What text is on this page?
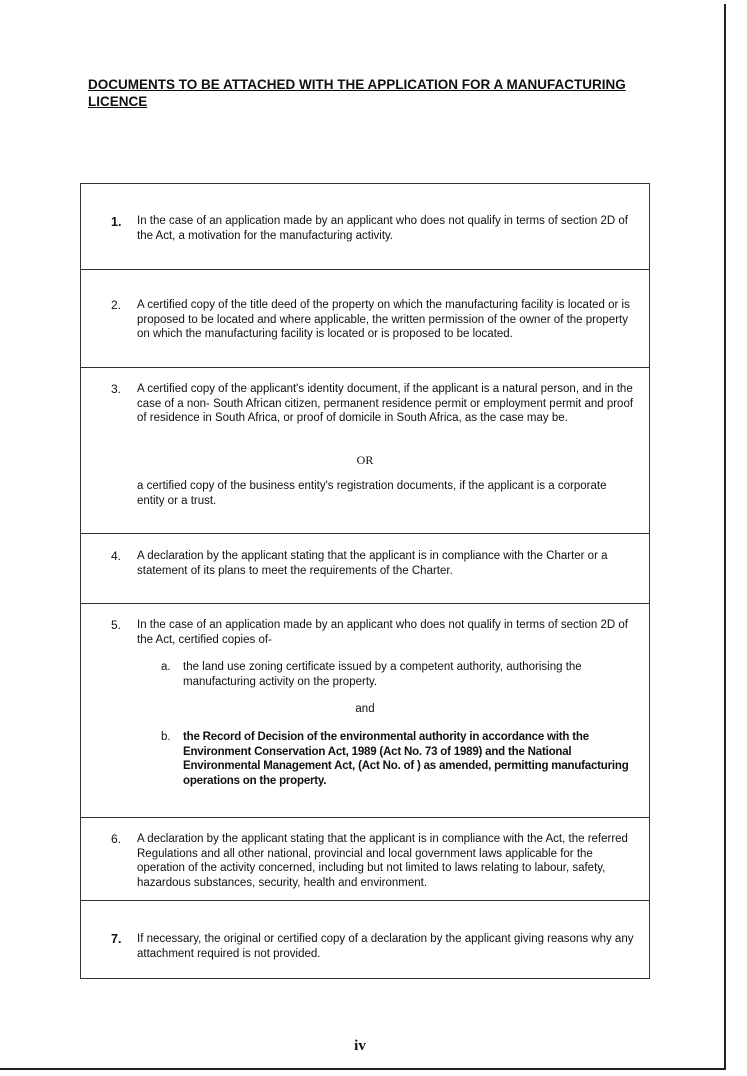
DOCUMENTS TO BE ATTACHED WITH THE APPLICATION FOR A MANUFACTURING LICENCE
1. In the case of an application made by an applicant who does not qualify in terms of section 2D of the Act, a motivation for the manufacturing activity.

2. A certified copy of the title deed of the property on which the manufacturing facility is located or is proposed to be located and where applicable, the written permission of the owner of the property on which the manufacturing facility is located or is proposed to be located.

3. A certified copy of the applicant's identity document, if the applicant is a natural person, and in the case of a non- South African citizen, permanent residence permit or employment permit and proof of residence in South Africa, or proof of domicile in South Africa, as the case may be.

OR

a certified copy of the business entity's registration documents, if the applicant is a corporate entity or a trust.

4. A declaration by the applicant stating that the applicant is in compliance with the Charter or a statement of its plans to meet the requirements of the Charter.

5. In the case of an application made by an applicant who does not qualify in terms of section 2D of the Act, certified copies of-

a. the land use zoning certificate issued by a competent authority, authorising the manufacturing activity on the property.

and
b. the Record of Decision of the environmental authority in accordance with the Environment Conservation Act, 1989 (Act No. 73 of 1989) and the National Environmental Management Act, (Act No. of ) as amended, permitting manufacturing operations on the property.

6. A declaration by the applicant stating that the applicant is in compliance with the Act, the referred Regulations and all other national, provincial and local government laws applicable for the operation of the activity concerned, including but not limited to laws relating to labour, safety, hazardous substances, security, health and environment.

7. If necessary, the original or certified copy of a declaration by the applicant giving reasons why any attachment required is not provided.

iv
